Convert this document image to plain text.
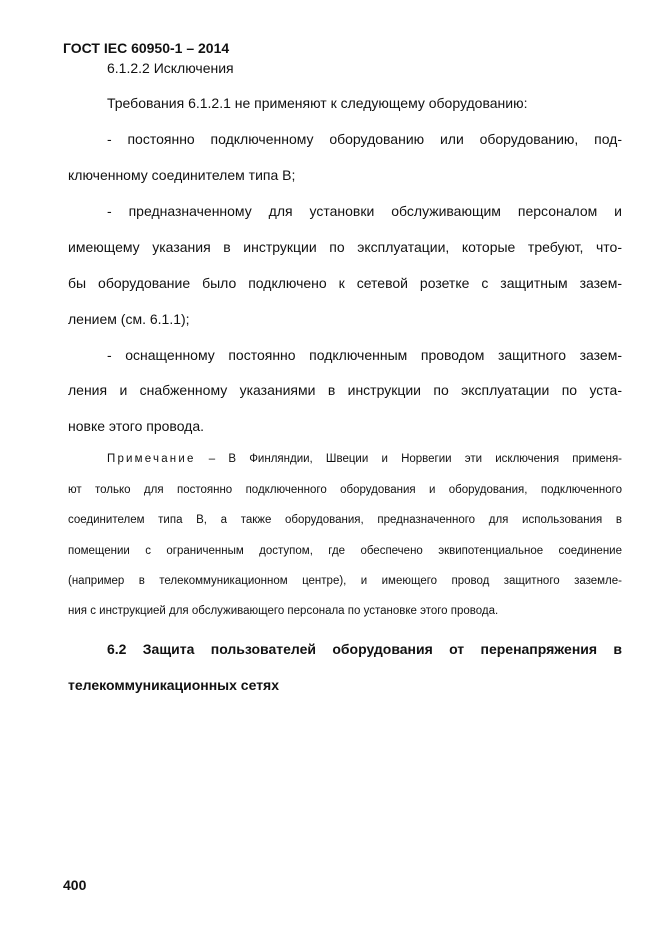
ГОСТ IEC 60950-1 – 2014
6.1.2.2 Исключения
Требования 6.1.2.1 не применяют к следующему оборудованию:
- постоянно подключенному оборудованию или оборудованию, под-
ключенному соединителем типа В;
- предназначенному для установки обслуживающим персоналом и
имеющему указания в инструкции по эксплуатации, которые требуют, что-
бы оборудование было подключено к сетевой розетке с защитным зазем-
лением (см. 6.1.1);
- оснащенному постоянно подключенным проводом защитного зазем-
ления и снабженному указаниями в инструкции по эксплуатации по уста-
новке этого провода.
Примечание – В Финляндии, Швеции и Норвегии эти исключения применя-
ют только для постоянно подключенного оборудования и оборудования, подключенного
соединителем типа В, а также оборудования, предназначенного для использования в
помещении с ограниченным доступом, где обеспечено эквипотенциальное соединение
(например в телекоммуникационном центре), и имеющего провод защитного заземле-
ния с инструкцией для обслуживающего персонала по установке этого провода.
6.2 Защита пользователей оборудования от перенапряжения в
телекоммуникационных сетях
400
